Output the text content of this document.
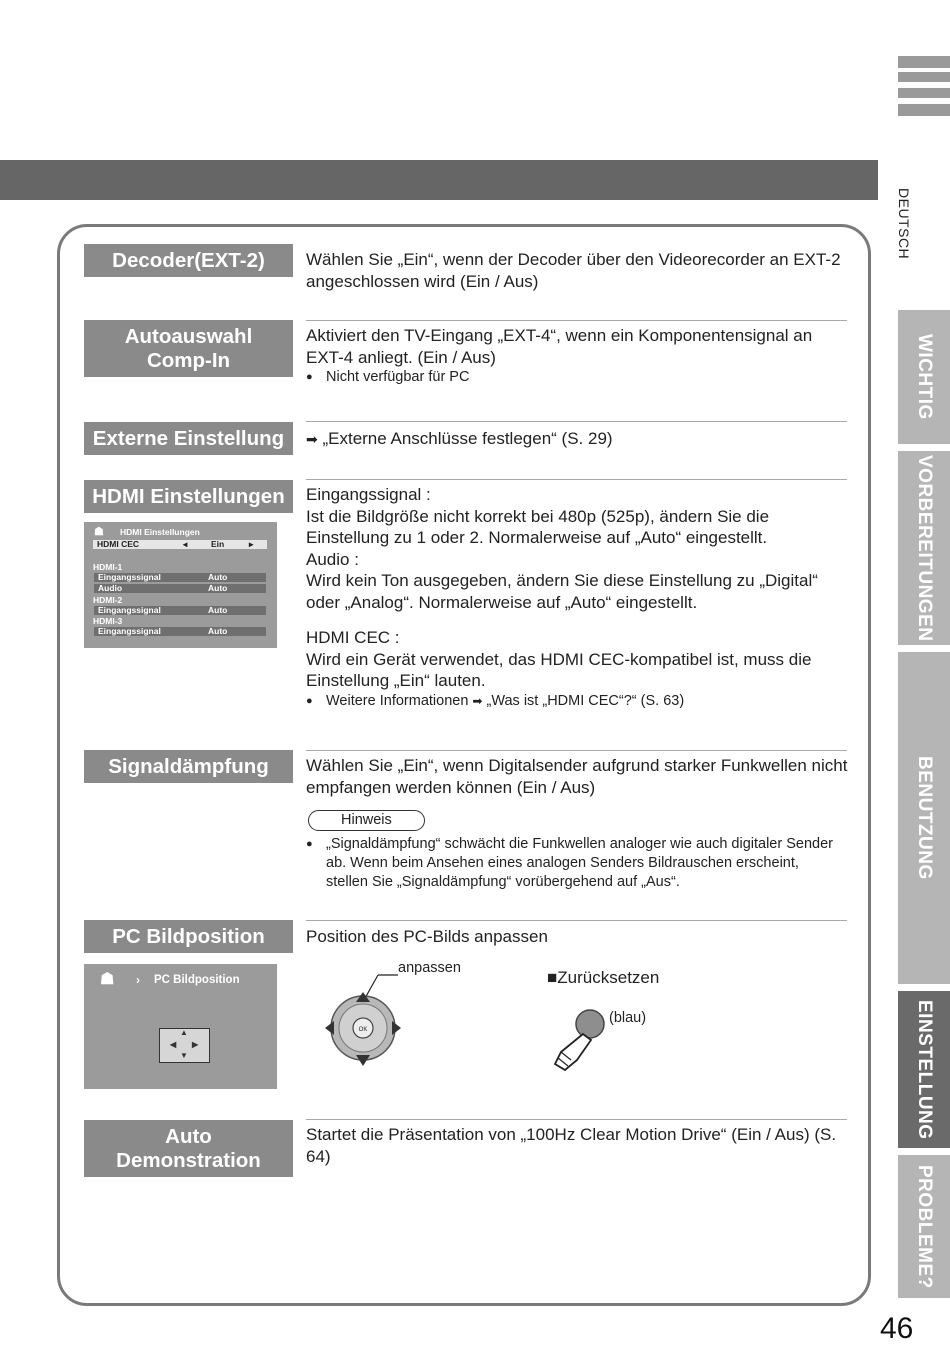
DEUTSCH
WICHTIG
VORBEREITUNGEN
BENUTZUNG
EINSTELLUNG
PROBLEME?
46
Decoder(EXT-2)	Wählen Sie „Ein“, wenn der Decoder über den Videorecorder an EXT-2 angeschlossen wird (Ein / Aus)

Autoauswahl
Comp-In

Aktiviert den TV-Eingang „EXT-4“, wenn ein Komponentensignal an EXT-4 anliegt. (Ein / Aus)

● Nicht verfügbar für PC
Externe Einstellung	➡ „Externe Anschlüsse festlegen“ (S. 29)
HDMI Einstellungen
☗ HDMI Einstellungen
HDMI CEC	◂	Ein	▸
HDMI-1
Eingangssignal	Auto
Audio	Auto
HDMI-2
Eingangssignal	Auto
HDMI-3
Eingangssignal	Auto

Eingangssignal :

Ist die Bildgröße nicht korrekt bei 480p (525p), ändern Sie die Einstellung zu 1 oder 2. Normalerweise auf „Auto“ eingestellt.

Audio :

Wird kein Ton ausgegeben, ändern Sie diese Einstellung zu „Digital“ oder „Analog“. Normalerweise auf „Auto“ eingestellt.

HDMI CEC :

Wird ein Gerät verwendet, das HDMI CEC-kompatibel ist, muss die Einstellung „Ein“ lauten.

● Weitere Informationen ➡ „Was ist „HDMI CEC“?“ (S. 63)
Signaldämpfung	Wählen Sie „Ein“, wenn Digitalsender aufgrund starker Funkwellen nicht empfangen werden können (Ein / Aus)

Hinweis
● „Signaldämpfung“ schwächt die Funkwellen analoger wie auch digitaler Sender ab. Wenn beim Ansehen eines analogen Senders Bildrauschen erscheint, stellen Sie „Signaldämpfung“ vorübergehend auf „Aus“.
PC Bildposition
☗ › PC Bildposition
▲
▼
◀ ▶

Position des PC-Bilds anpassen

anpassen
OK
■Zurücksetzen
(blau)
Auto
Demonstration

Startet die Präsentation von „100Hz Clear Motion Drive“ (Ein / Aus) (S. 64)
